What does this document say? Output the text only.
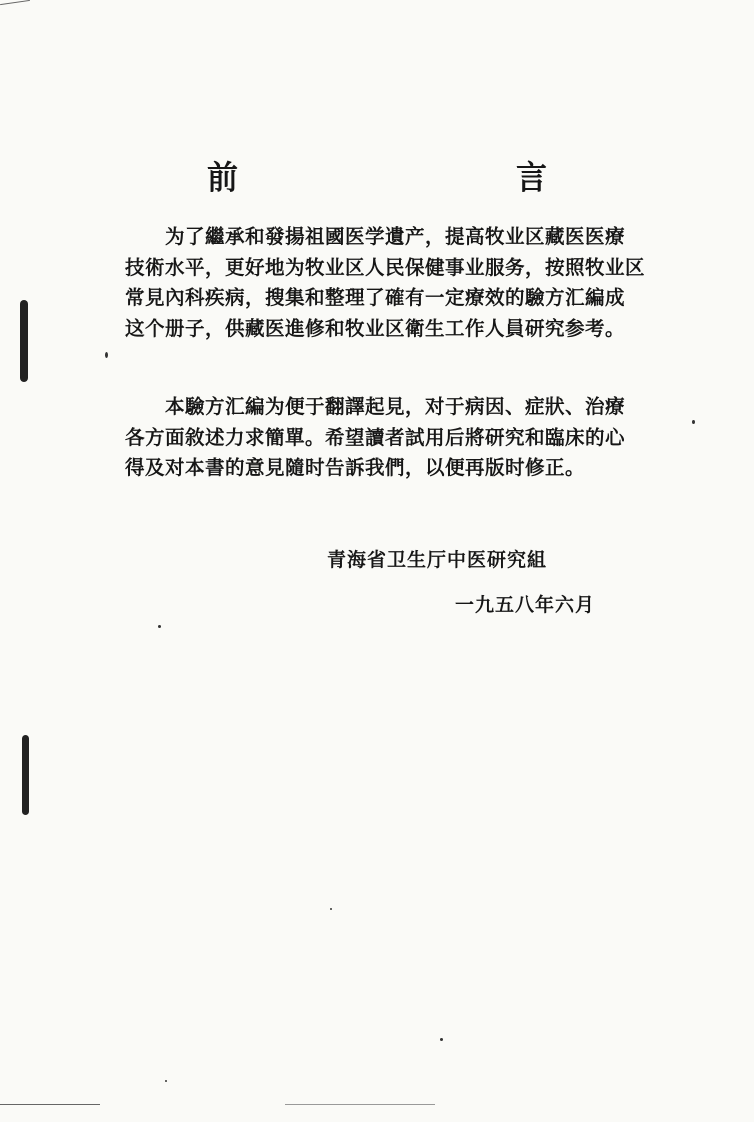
前　　言

　　为了繼承和發揚祖國医学遺产，提高牧业区藏医医療
技術水平，更好地为牧业区人民保健事业服务，按照牧业区
常見內科疾病，搜集和整理了確有一定療效的驗方汇編成
这个册子，供藏医進修和牧业区衛生工作人員研究参考。

　　本驗方汇編为便于翻譯起見，对于病因、症狀、治療
各方面敘述力求簡單。希望讀者試用后將研究和臨床的心
得及对本書的意見隨时告訴我們，以便再版时修正。

青海省卫生厅中医研究組
一九五八年六月
